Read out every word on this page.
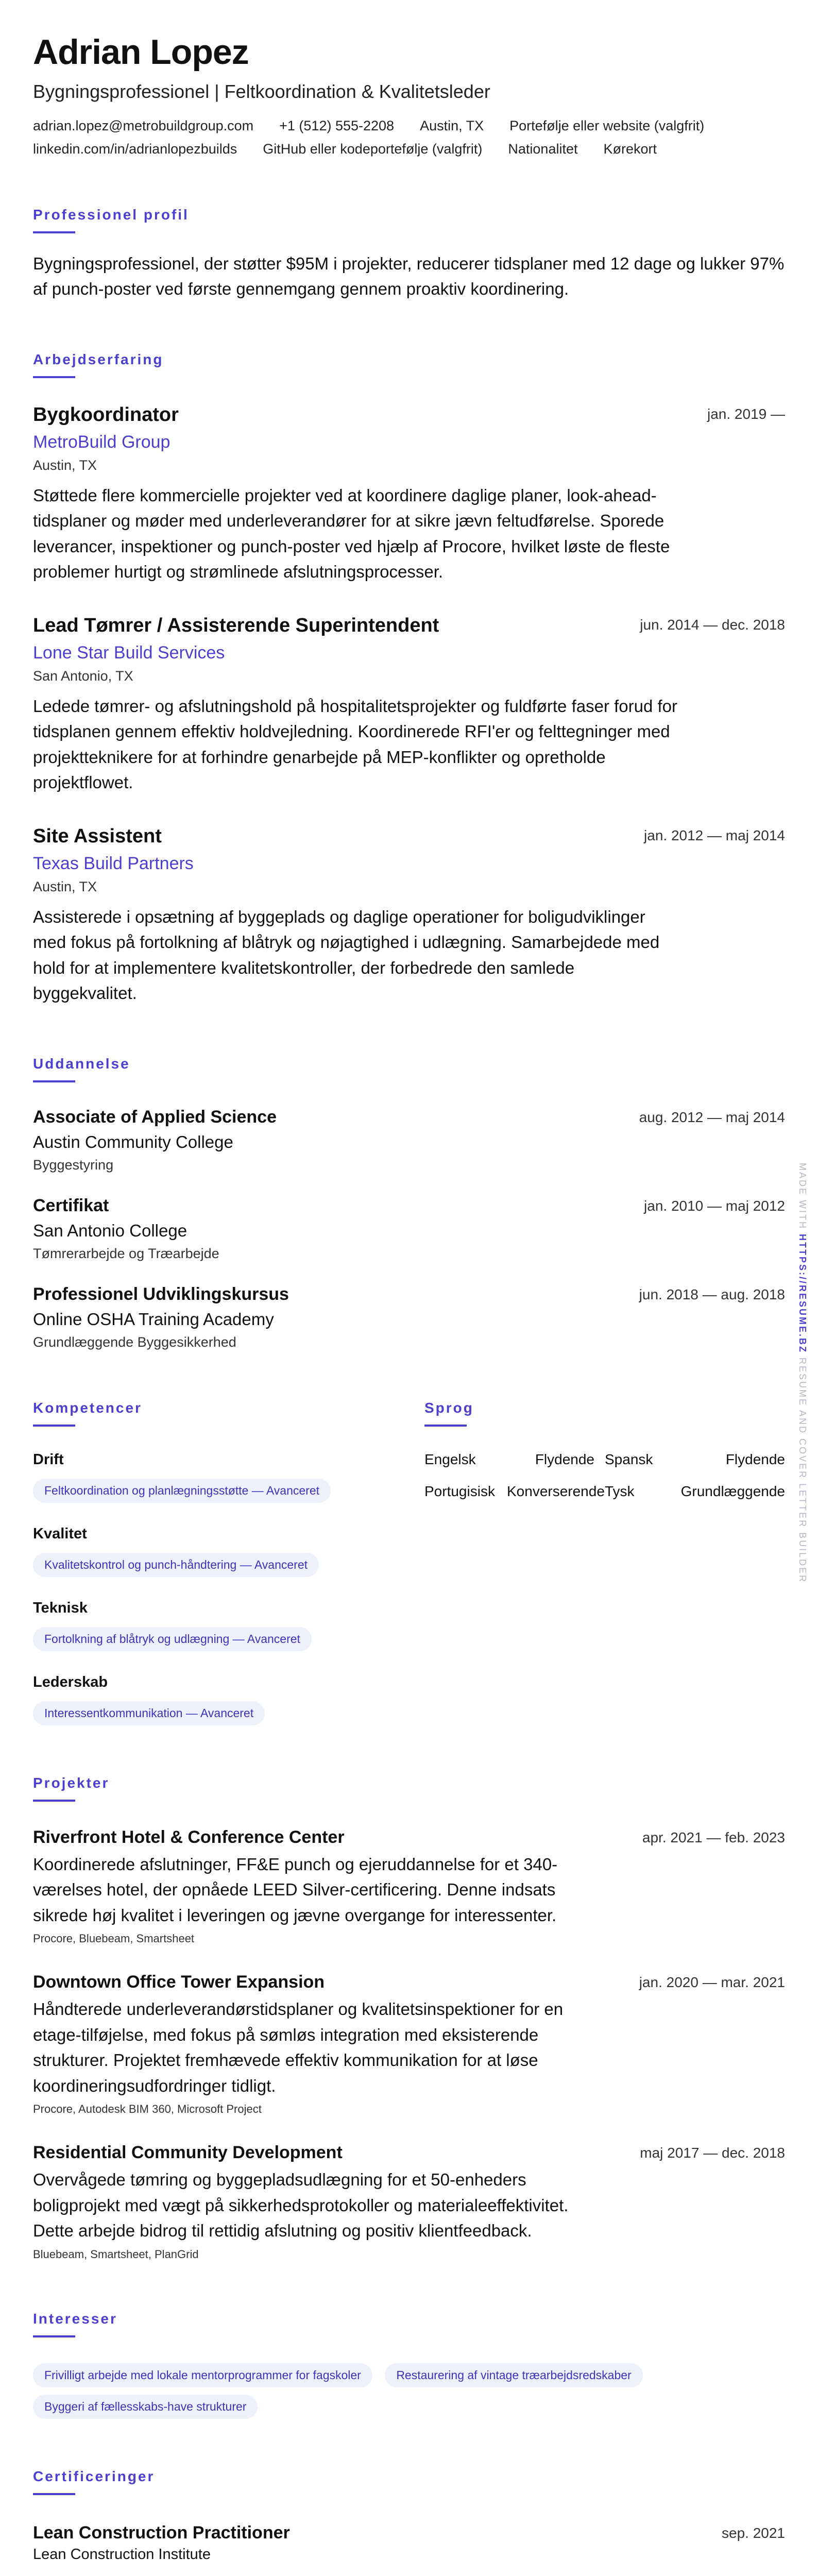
Adrian Lopez
Bygningsprofessionel | Feltkoordination & Kvalitetsleder
adrian.lopez@metrobuildgroup.com +1 (512) 555-2208 Austin, TX Portefølje eller website (valgfrit)
linkedin.com/in/adrianlopezbuilds GitHub eller kodeportefølje (valgfrit) Nationalitet Kørekort
Professionel profil
Bygningsprofessionel, der støtter $95M i projekter, reducerer tidsplaner med 12 dage og lukker 97% af punch-poster ved første gennemgang gennem proaktiv koordinering.
Arbejdserfaring
jan. 2019 —
Bygkoordinator
MetroBuild Group
Austin, TX
Støttede flere kommercielle projekter ved at koordinere daglige planer, look-ahead-tidsplaner og møder med underleverandører for at sikre jævn feltudførelse. Sporede leverancer, inspektioner og punch-poster ved hjælp af Procore, hvilket løste de fleste problemer hurtigt og strømlinede afslutningsprocesser.
jun. 2014 — dec. 2018
Lead Tømrer / Assisterende Superintendent
Lone Star Build Services
San Antonio, TX
Ledede tømrer- og afslutningshold på hospitalitetsprojekter og fuldførte faser forud for tidsplanen gennem effektiv holdvejledning. Koordinerede RFI'er og felttegninger med projektteknikere for at forhindre genarbejde på MEP-konflikter og opretholde projektflowet.
jan. 2012 — maj 2014
Site Assistent
Texas Build Partners
Austin, TX
Assisterede i opsætning af byggeplads og daglige operationer for boligudviklinger med fokus på fortolkning af blåtryk og nøjagtighed i udlægning. Samarbejdede med hold for at implementere kvalitetskontroller, der forbedrede den samlede byggekvalitet.
Uddannelse
aug. 2012 — maj 2014
Associate of Applied Science
Austin Community College
Byggestyring
jan. 2010 — maj 2012
Certifikat
San Antonio College
Tømrerarbejde og Træarbejde
jun. 2018 — aug. 2018
Professionel Udviklingskursus
Online OSHA Training Academy
Grundlæggende Byggesikkerhed
Kompetencer
Drift
Feltkoordination og planlægningsstøtte — Avanceret
Kvalitet
Kvalitetskontrol og punch-håndtering — Avanceret
Teknisk
Fortolkning af blåtryk og udlægning — Avanceret
Lederskab
Interessentkommunikation — Avanceret
Sprog
Engelsk	Flydende Spansk	Flydende
Portugisisk Konverserende Tysk	Grundlæggende
Projekter
apr. 2021 — feb. 2023
Riverfront Hotel & Conference Center
Koordinerede afslutninger, FF&E punch og ejeruddannelse for et 340-værelses hotel, der opnåede LEED Silver-certificering. Denne indsats sikrede høj kvalitet i leveringen og jævne overgange for interessenter.
Procore, Bluebeam, Smartsheet
jan. 2020 — mar. 2021
Downtown Office Tower Expansion
Håndterede underleverandørstidsplaner og kvalitetsinspektioner for en etage-tilføjelse, med fokus på sømløs integration med eksisterende strukturer. Projektet fremhævede effektiv kommunikation for at løse koordineringsudfordringer tidligt.
Procore, Autodesk BIM 360, Microsoft Project
maj 2017 — dec. 2018
Residential Community Development
Overvågede tømring og byggepladsudlægning for et 50-enheders boligprojekt med vægt på sikkerhedsprotokoller og materialeeffektivitet. Dette arbejde bidrog til rettidig afslutning og positiv klientfeedback.
Bluebeam, Smartsheet, PlanGrid
Interesser
Frivilligt arbejde med lokale mentorprogrammer for fagskoler	Restaurering af vintage træarbejdsredskaber Byggeri af fællesskabs-have strukturer
Certificeringer
sep. 2021
Lean Construction Practitioner
Lean Construction Institute
MADE WITH HTTPS://RESUME.BZ RESUME AND COVER LETTER BUILDER
